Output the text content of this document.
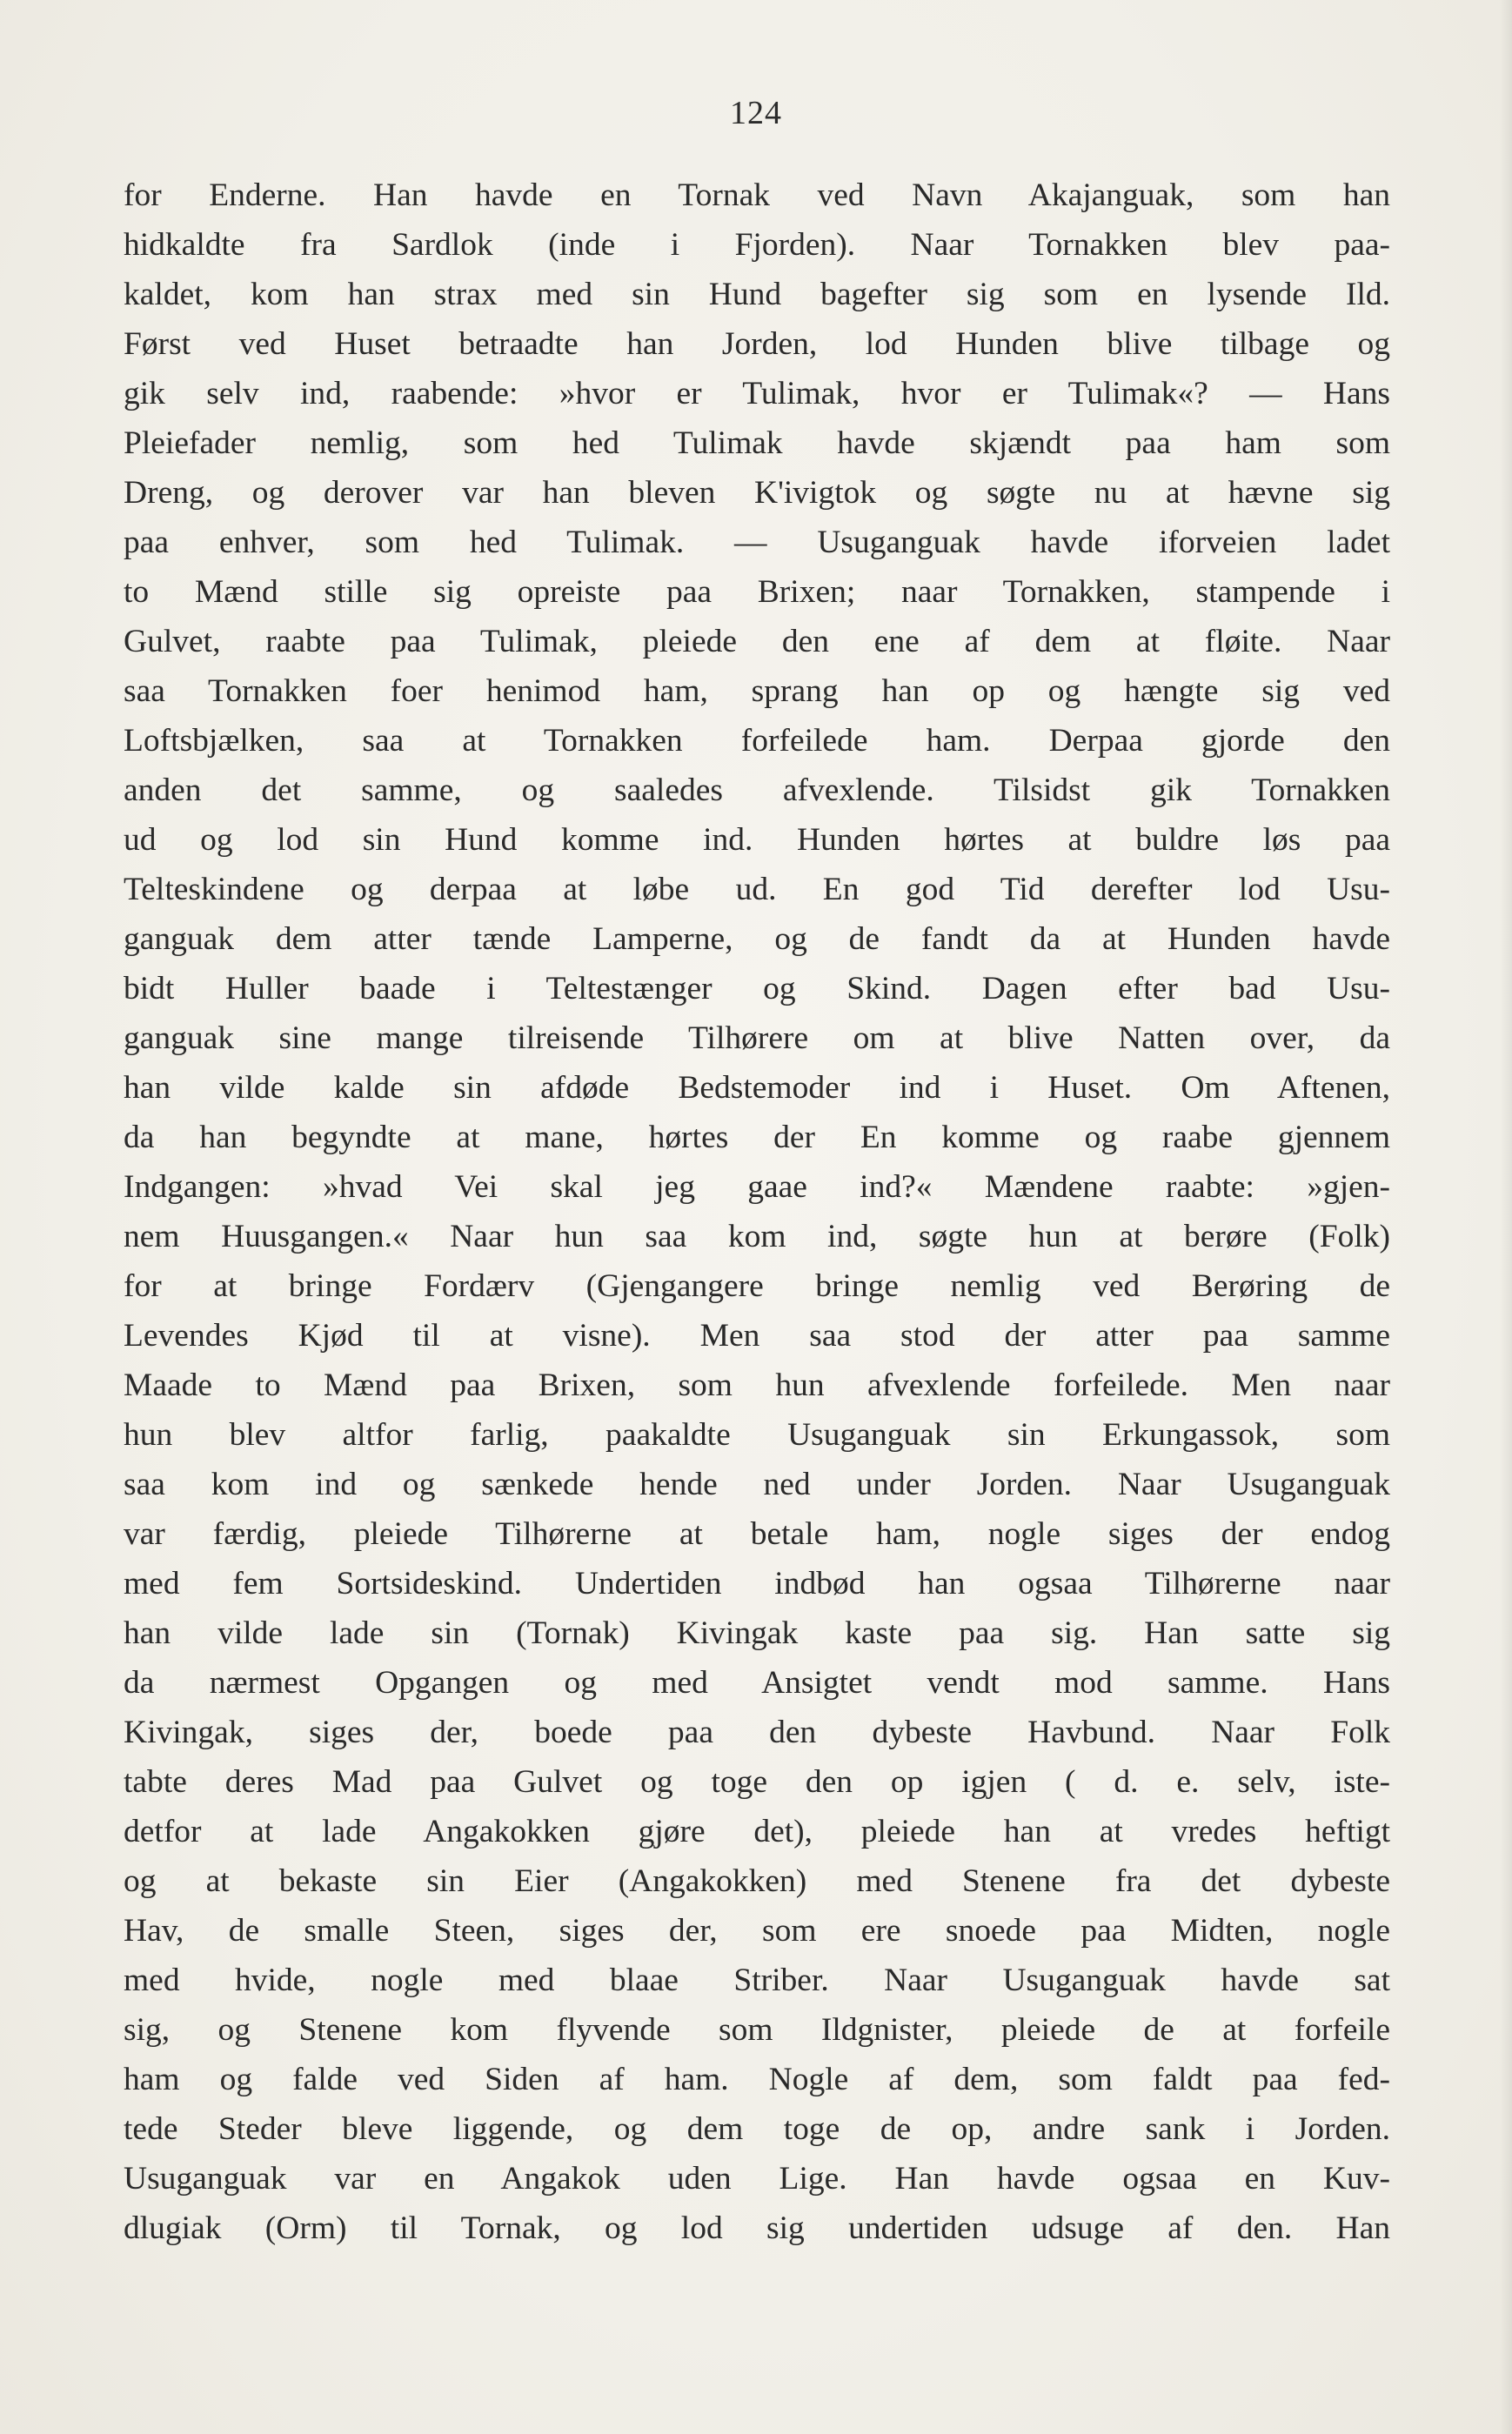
124
for Enderne. Han havde en Tornak ved Navn Akajanguak, som han
hidkaldte fra Sardlok (inde i Fjorden). Naar Tornakken blev paa-
kaldet, kom han strax med sin Hund bagefter sig som en lysende Ild.
Først ved Huset betraadte han Jorden, lod Hunden blive tilbage og
gik selv ind, raabende: »hvor er Tulimak, hvor er Tulimak«? — Hans
Pleiefader nemlig, som hed Tulimak havde skjændt paa ham som
Dreng, og derover var han bleven K'ivigtok og søgte nu at hævne sig
paa enhver, som hed Tulimak. — Usuganguak havde iforveien ladet
to Mænd stille sig opreiste paa Brixen; naar Tornakken, stampende i
Gulvet, raabte paa Tulimak, pleiede den ene af dem at fløite. Naar
saa Tornakken foer henimod ham, sprang han op og hængte sig ved
Loftsbjælken, saa at Tornakken forfeilede ham. Derpaa gjorde den
anden det samme, og saaledes afvexlende. Tilsidst gik Tornakken
ud og lod sin Hund komme ind. Hunden hørtes at buldre løs paa
Telteskindene og derpaa at løbe ud. En god Tid derefter lod Usu-
ganguak dem atter tænde Lamperne, og de fandt da at Hunden havde
bidt Huller baade i Teltestænger og Skind. Dagen efter bad Usu-
ganguak sine mange tilreisende Tilhørere om at blive Natten over, da
han vilde kalde sin afdøde Bedstemoder ind i Huset. Om Aftenen,
da han begyndte at mane, hørtes der En komme og raabe gjennem
Indgangen: »hvad Vei skal jeg gaae ind?« Mændene raabte: »gjen-
nem Huusgangen.« Naar hun saa kom ind, søgte hun at berøre (Folk)
for at bringe Fordærv (Gjengangere bringe nemlig ved Berøring de
Levendes Kjød til at visne). Men saa stod der atter paa samme
Maade to Mænd paa Brixen, som hun afvexlende forfeilede. Men naar
hun blev altfor farlig, paakaldte Usuganguak sin Erkungassok, som
saa kom ind og sænkede hende ned under Jorden. Naar Usuganguak
var færdig, pleiede Tilhørerne at betale ham, nogle siges der endog
med fem Sortsideskind. Undertiden indbød han ogsaa Tilhørerne naar
han vilde lade sin (Tornak) Kivingak kaste paa sig. Han satte sig
da nærmest Opgangen og med Ansigtet vendt mod samme. Hans
Kivingak, siges der, boede paa den dybeste Havbund. Naar Folk
tabte deres Mad paa Gulvet og toge den op igjen ( d. e. selv, iste-
detfor at lade Angakokken gjøre det), pleiede han at vredes heftigt
og at bekaste sin Eier (Angakokken) med Stenene fra det dybeste
Hav, de smalle Steen, siges der, som ere snoede paa Midten, nogle
med hvide, nogle med blaae Striber. Naar Usuganguak havde sat
sig, og Stenene kom flyvende som Ildgnister, pleiede de at forfeile
ham og falde ved Siden af ham. Nogle af dem, som faldt paa fed-
tede Steder bleve liggende, og dem toge de op, andre sank i Jorden.
Usuganguak var en Angakok uden Lige. Han havde ogsaa en Kuv-
dlugiak (Orm) til Tornak, og lod sig undertiden udsuge af den. Han
